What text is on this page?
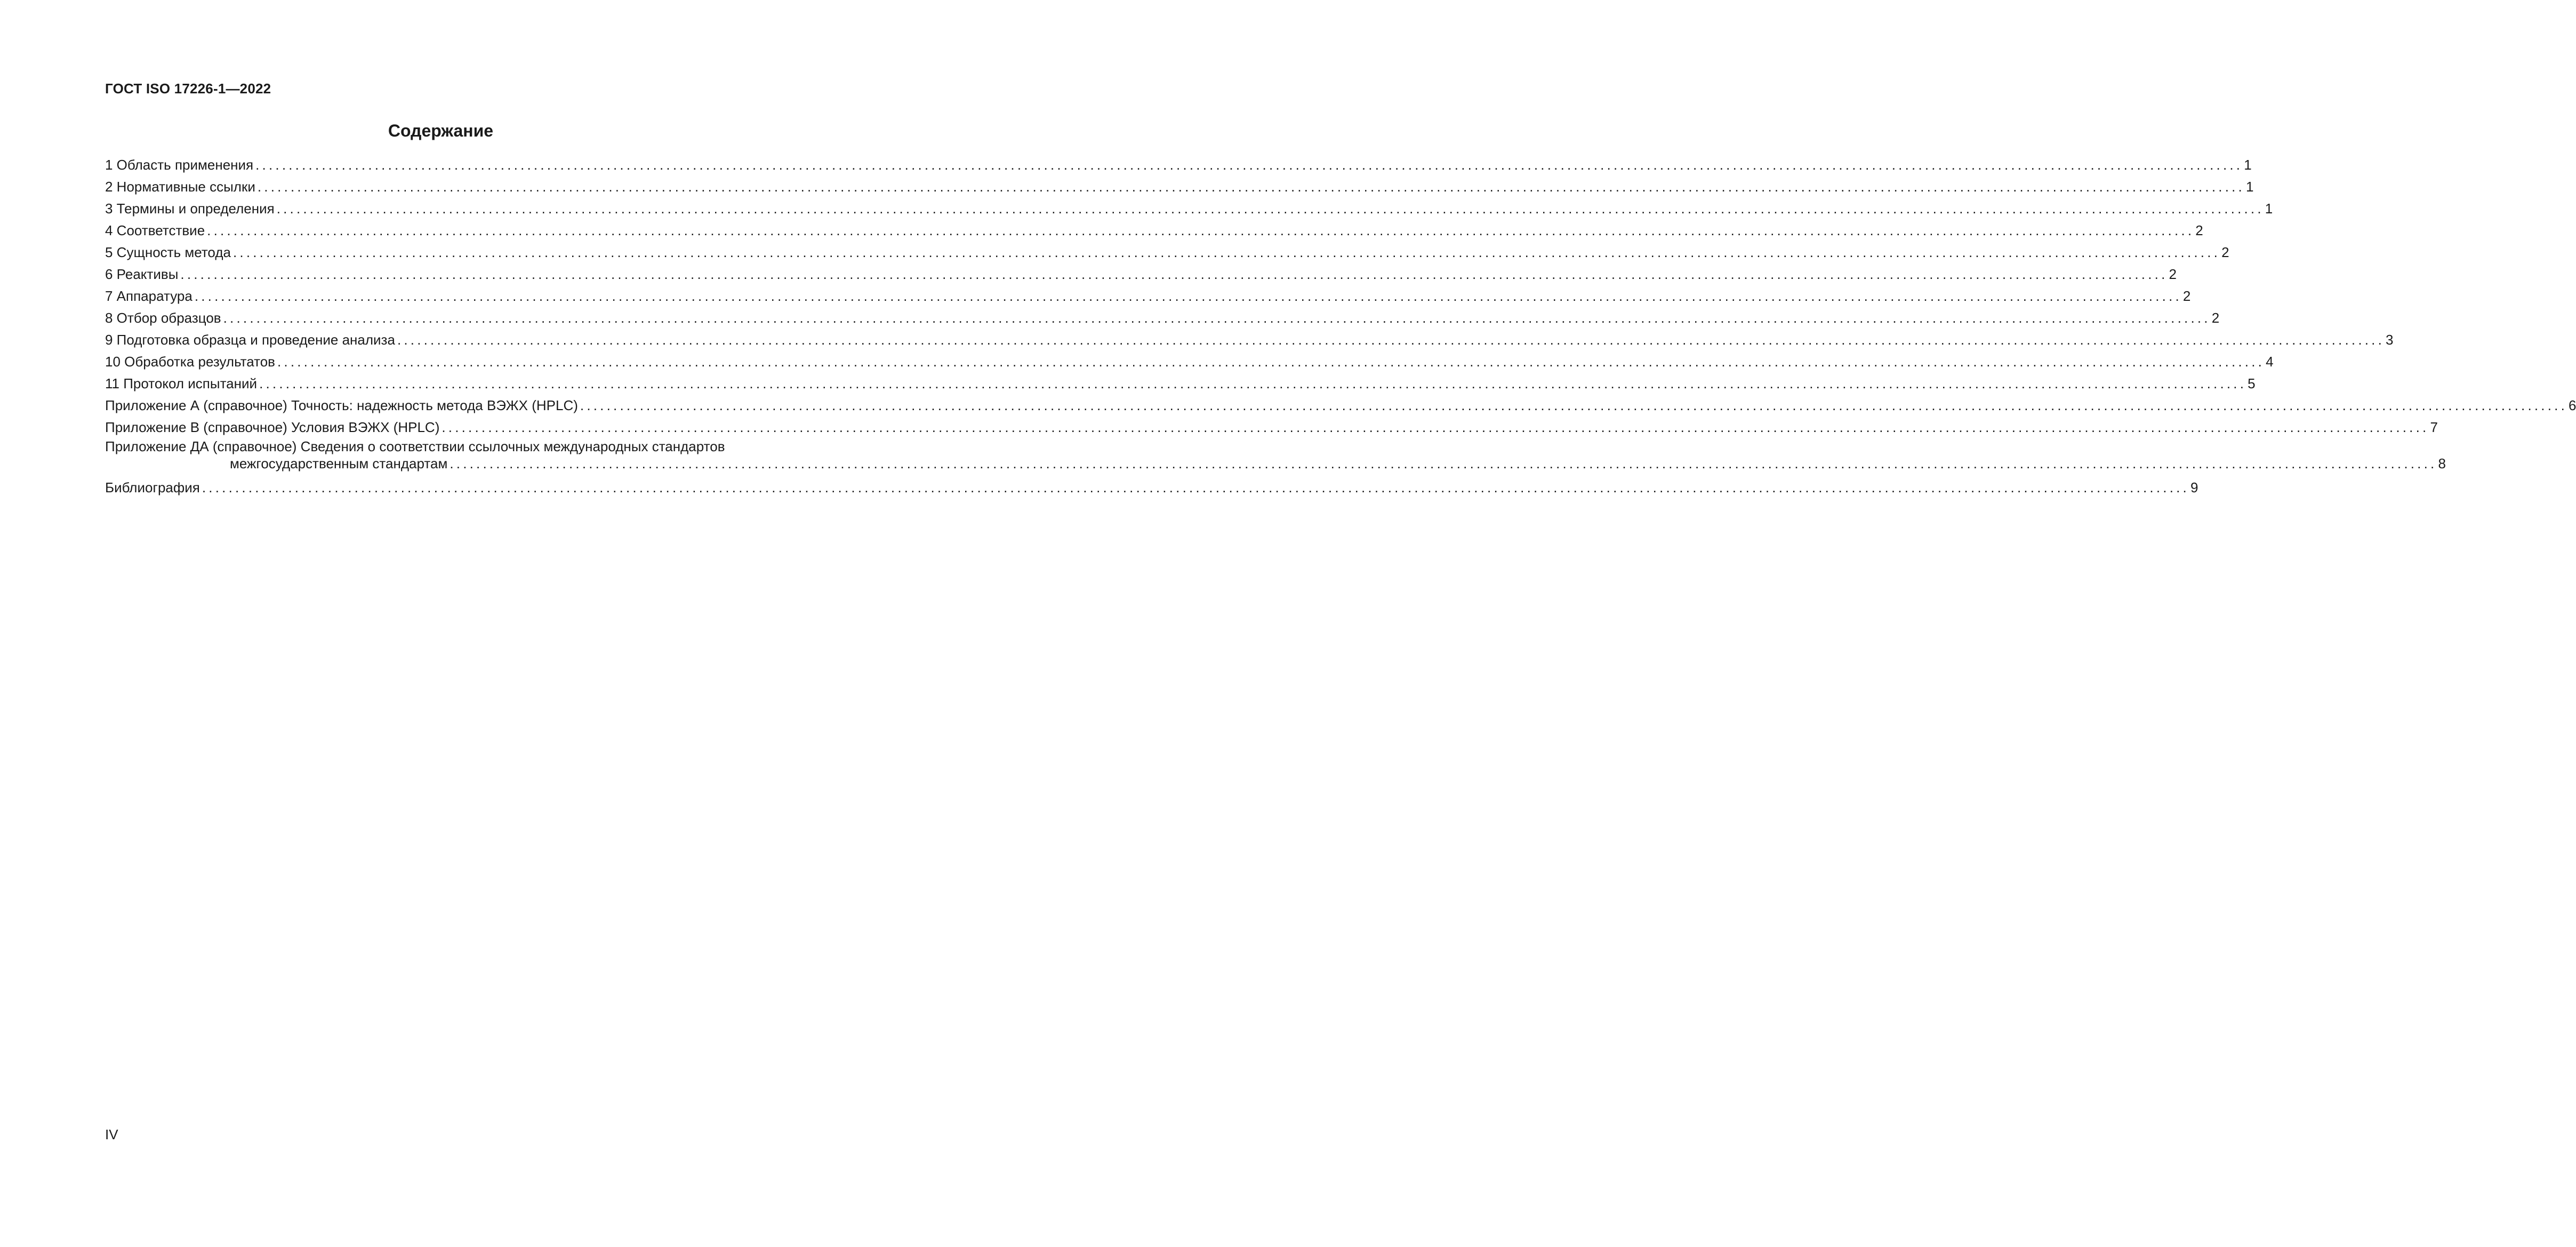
ГОСТ ISO 17226-1—2022
Содержание
1 Область применения ............................................................................................................................................................................................................................................................................................................ 1
2 Нормативные ссылки ............................................................................................................................................................................................................................................................................................................ 1
3 Термины и определения ............................................................................................................................................................................................................................................................................................................ 1
4 Соответствие ............................................................................................................................................................................................................................................................................................................ 2
5 Сущность метода ............................................................................................................................................................................................................................................................................................................ 2
6 Реактивы ............................................................................................................................................................................................................................................................................................................ 2
7 Аппаратура ............................................................................................................................................................................................................................................................................................................ 2
8 Отбор образцов ............................................................................................................................................................................................................................................................................................................ 2
9 Подготовка образца и проведение анализа ............................................................................................................................................................................................................................................................................................................ 3
10 Обработка результатов ............................................................................................................................................................................................................................................................................................................ 4
11 Протокол испытаний ............................................................................................................................................................................................................................................................................................................ 5
Приложение А (справочное) Точность: надежность метода ВЭЖХ (HPLC) ............................................................................................................................................................................................................................................................................................................ 6
Приложение В (справочное) Условия ВЭЖХ (HPLC) ............................................................................................................................................................................................................................................................................................................ 7
Приложение ДА (справочное) Сведения о соответствии ссылочных международных стандартов
межгосударственным стандартам ............................................................................................................................................................................................................................................................................................................ 8
Библиография ............................................................................................................................................................................................................................................................................................................ 9
IV
